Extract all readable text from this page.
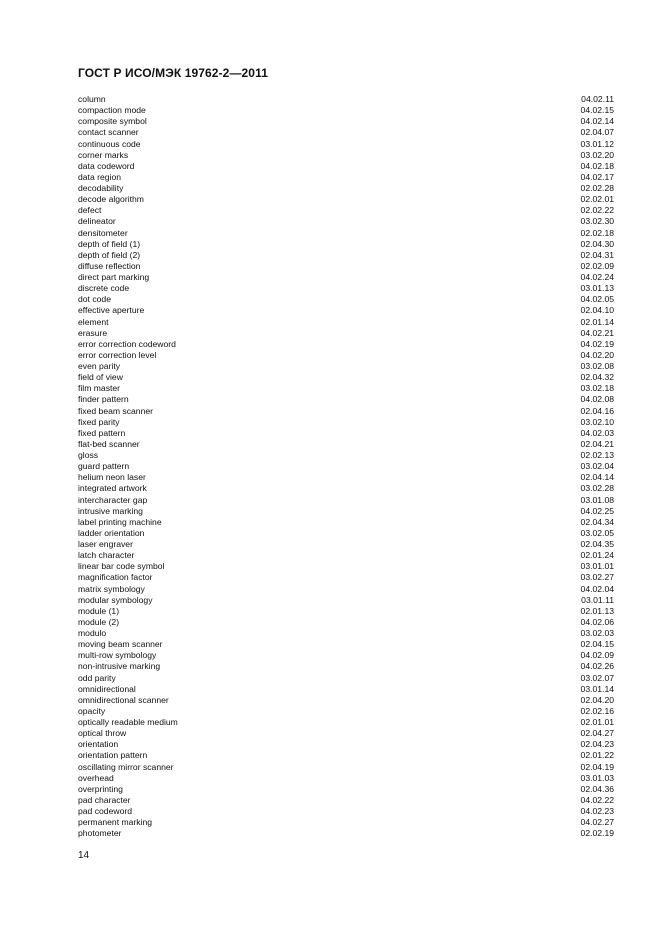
ГОСТ Р ИСО/МЭК 19762-2—2011
column	04.02.11
compaction mode	04.02.15
composite symbol	04.02.14
contact scanner	02.04.07
continuous code	03.01.12
corner marks	03.02.20
data codeword	04.02.18
data region	04.02.17
decodability	02.02.28
decode algorithm	02.02.01
defect	02.02.22
delineator	03.02.30
densitometer	02.02.18
depth of field (1)	02.04.30
depth of field (2)	02.04.31
diffuse reflection	02.02.09
direct part marking	04.02.24
discrete code	03.01.13
dot code	04.02.05
effective aperture	02.04.10
element	02.01.14
erasure	04.02.21
error correction codeword	04.02.19
error correction level	04.02.20
even parity	03.02.08
field of view	02.04.32
film master	03.02.18
finder pattern	04.02.08
fixed beam scanner	02.04.16
fixed parity	03.02.10
fixed pattern	04.02.03
flat-bed scanner	02.04.21
gloss	02.02.13
guard pattern	03.02.04
helium neon laser	02.04.14
integrated artwork	03.02.28
intercharacter gap	03.01.08
intrusive marking	04.02.25
label printing machine	02.04.34
ladder orientation	03.02.05
laser engraver	02.04.35
latch character	02.01.24
linear bar code symbol	03.01.01
magnification factor	03.02.27
matrix symbology	04.02.04
modular symbology	03.01.11
module (1)	02.01.13
module (2)	04.02.06
modulo	03.02.03
moving beam scanner	02.04.15
multi-row symbology	04.02.09
non-intrusive marking	04.02.26
odd parity	03.02.07
omnidirectional	03.01.14
omnidirectional scanner	02.04.20
opacity	02.02.16
optically readable medium	02.01.01
optical throw	02.04.27
orientation	02.04.23
orientation pattern	02.01.22
oscillating mirror scanner	02.04.19
overhead	03.01.03
overprinting	02.04.36
pad character	04.02.22
pad codeword	04.02.23
permanent marking	04.02.27
photometer	02.02.19
14
